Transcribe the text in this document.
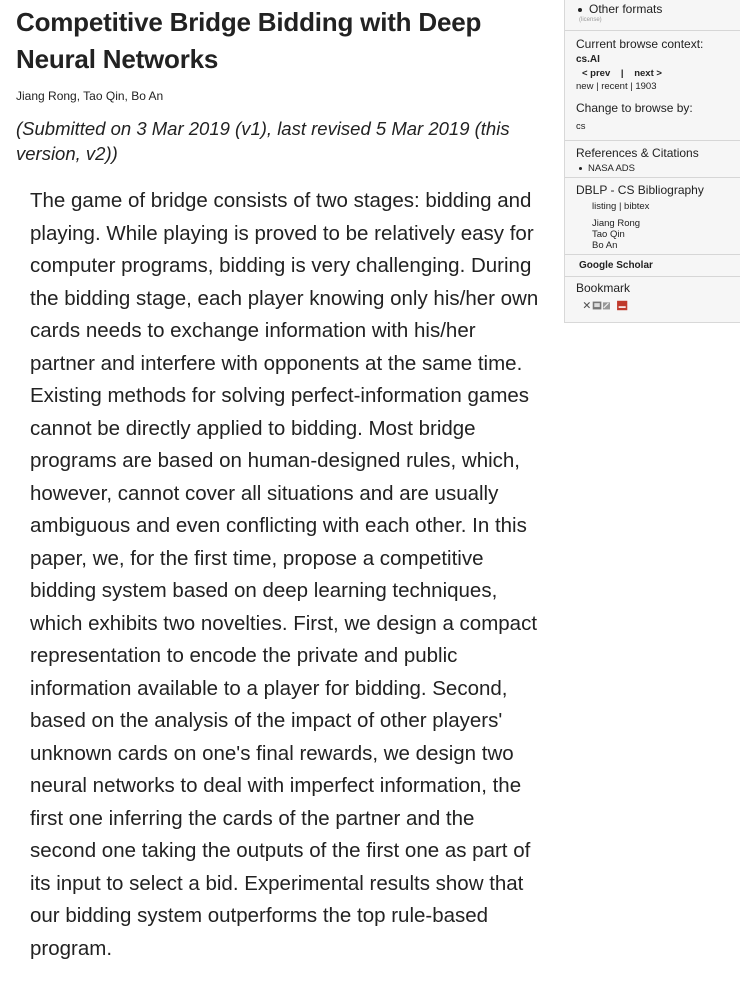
Competitive Bridge Bidding with Deep Neural Networks
Jiang Rong, Tao Qin, Bo An
(Submitted on 3 Mar 2019 (v1), last revised 5 Mar 2019 (this version, v2))

The game of bridge consists of two stages: bidding and playing. While playing is proved to be relatively easy for computer programs, bidding is very challenging. During the bidding stage, each player knowing only his/her own cards needs to exchange information with his/her partner and interfere with opponents at the same time. Existing methods for solving perfect-information games cannot be directly applied to bidding. Most bridge programs are based on human-designed rules, which, however, cannot cover all situations and are usually ambiguous and even conflicting with each other. In this paper, we, for the first time, propose a competitive bidding system based on deep learning techniques, which exhibits two novelties. First, we design a compact representation to encode the private and public information available to a player for bidding. Second, based on the analysis of the impact of other players' unknown cards on one's final rewards, we design two neural networks to deal with imperfect information, the first one inferring the cards of the partner and the second one taking the outputs of the first one as part of its input to select a bid. Experimental results show that our bidding system outperforms the top rule-based program.

Other formats
(license)
Current browse context:
cs.AI
< prev | next >
new | recent | 1903
Change to browse by:
cs
References & Citations
NASA ADS
DBLP - CS Bibliography
listing | bibtex
Jiang Rong
Tao Qin
Bo An
Google Scholar
Bookmark
